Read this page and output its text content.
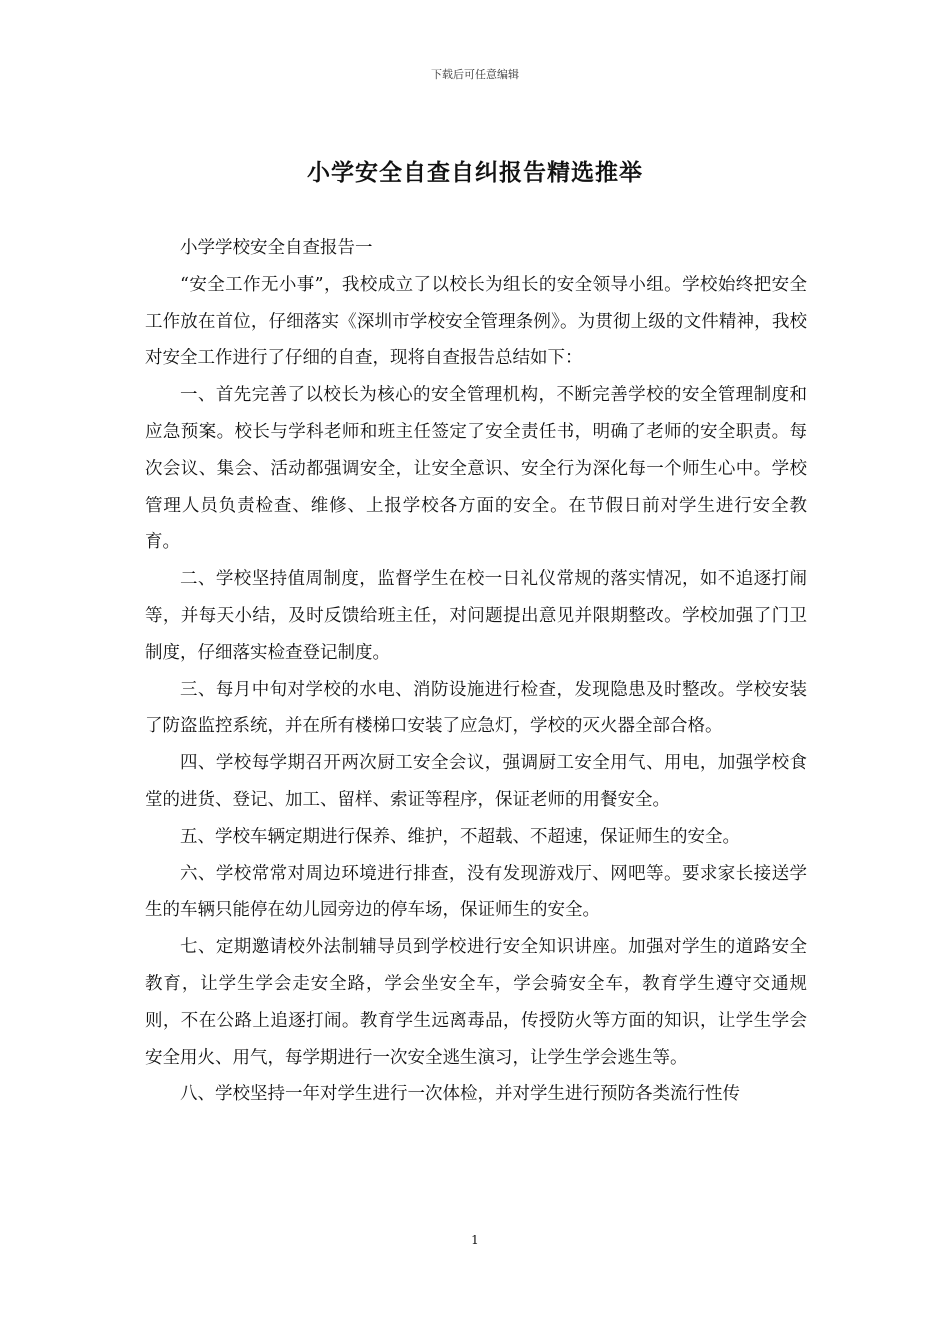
下载后可任意编辑
小学安全自查自纠报告精选推举

小学学校安全自查报告一

“安全工作无小事”，我校成立了以校长为组长的安全领导小组。学校始终把安全工作放在首位，仔细落实《深圳市学校安全管理条例》。为贯彻上级的文件精神，我校对安全工作进行了仔细的自查，现将自查报告总结如下：

一、首先完善了以校长为核心的安全管理机构，不断完善学校的安全管理制度和应急预案。校长与学科老师和班主任签定了安全责任书，明确了老师的安全职责。每次会议、集会、活动都强调安全，让安全意识、安全行为深化每一个师生心中。学校管理人员负责检查、维修、上报学校各方面的安全。在节假日前对学生进行安全教育。

二、学校坚持值周制度，监督学生在校一日礼仪常规的落实情况，如不追逐打闹等，并每天小结，及时反馈给班主任，对问题提出意见并限期整改。学校加强了门卫制度，仔细落实检查登记制度。

三、每月中旬对学校的水电、消防设施进行检查，发现隐患及时整改。学校安装了防盗监控系统，并在所有楼梯口安装了应急灯，学校的灭火器全部合格。

四、学校每学期召开两次厨工安全会议，强调厨工安全用气、用电，加强学校食堂的进货、登记、加工、留样、索证等程序，保证老师的用餐安全。

五、学校车辆定期进行保养、维护，不超载、不超速，保证师生的安全。

六、学校常常对周边环境进行排查，没有发现游戏厅、网吧等。要求家长接送学生的车辆只能停在幼儿园旁边的停车场，保证师生的安全。

七、定期邀请校外法制辅导员到学校进行安全知识讲座。加强对学生的道路安全教育，让学生学会走安全路，学会坐安全车，学会骑安全车，教育学生遵守交通规则，不在公路上追逐打闹。教育学生远离毒品，传授防火等方面的知识，让学生学会安全用火、用气，每学期进行一次安全逃生演习，让学生学会逃生等。

八、学校坚持一年对学生进行一次体检，并对学生进行预防各类流行性传

1
